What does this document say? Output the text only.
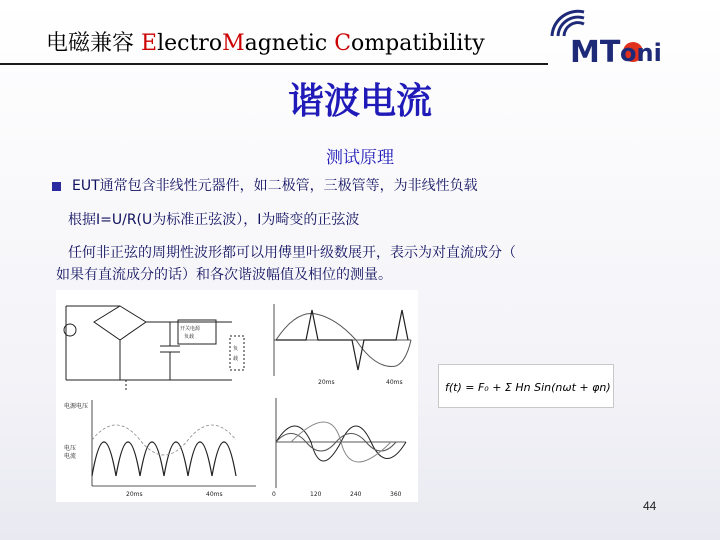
电磁兼容 ElectroMagnetic Compatibility	MT oni
谐波电流
测试原理
EUT通常包含非线性元器件，如二极管，三极管等，为非线性负载
根据I=U/R(U为标准正弦波），I为畸变的正弦波
任何非正弦的周期性波形都可以用傅里叶级数展开，表示为对直流成分（
如果有直流成分的话）和各次谐波幅值及相位的测量。
开关电源
负载
负
载
20ms	40ms
电源电压
电压
电流
20ms	40ms	0	120	240	360
f(t) = F₀ + Σ Hn Sin(nωt + φn)
44
